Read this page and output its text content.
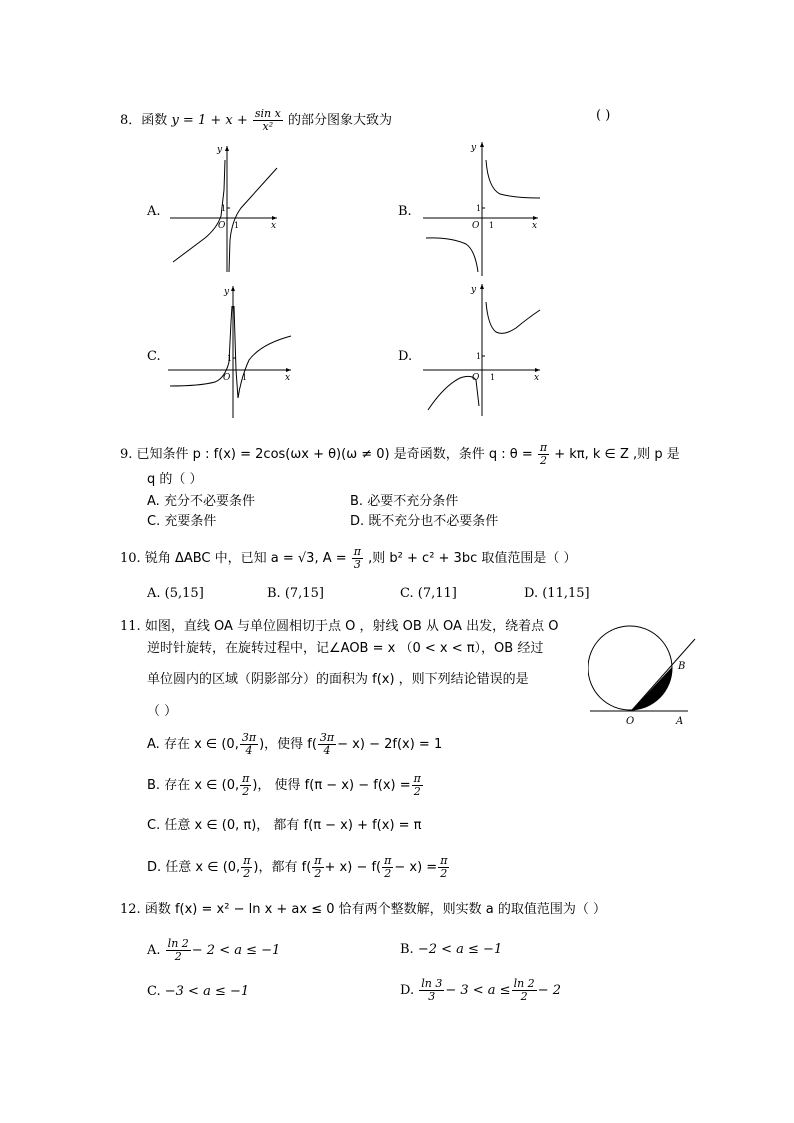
8．函数 $y = 1 + x + \frac{\text{sin x}}{\text{x²}}$ 的部分图象大致为	( )
A.
y
x
O 1
1	B.
y
x
O 1
1
C.
y
x
O 1
1	D.
y
x
O 1
1
9. 已知条件 p : f(x) = 2cos(ωx + θ)(ω ≠ 0) 是奇函数，条件 q : $\theta = \frac{\pi}{2} + k\pi$, k ∈ Z ,则 p 是
q 的（ ）
A. 充分不必要条件	B. 必要不充分条件
C. 充要条件	D. 既不充分也不必要条件
10. 锐角 ΔABC 中，已知 a = √3, $A = \frac{\pi}{3}$ ,则 b² + c² + 3bc 取值范围是（ ）
A. (5,15]	B. (7,15]	C. (7,11]	D. (11,15]
11. 如图，直线 OA 与单位圆相切于点 O ，射线 OB 从 OA 出发，绕着点 O
逆时针旋转，在旋转过程中，记∠AOB = x （0 < x < π），OB 经过
单位圆内的区域（阴影部分）的面积为 f(x) ，则下列结论错误的是
（ ）
O	A
B
A. 存在 x ∈ (0, $\frac{3\pi}{4}$ )，使得 $f( \frac{3\pi}{4} - x) - 2f(x) = 1$
B. 存在 x ∈ (0, $\frac{\pi}{2}$ )， 使得 $f(\pi - x) - f(x) = \frac{\pi}{2}$
C. 任意 x ∈ (0, π)， 都有 f(π − x) + f(x) = π
D. 任意 x ∈ (0, $\frac{\pi}{2}$ )，都有 $f( \frac{\pi}{2} + x) - f( \frac{\pi}{2} - x) = \frac{\pi}{2}$
12. 函数 f(x) = x² − ln x + ax ≤ 0 恰有两个整数解，则实数 a 的取值范围为（ ）
A. $\frac{\ln 2}{2} - 2 < a \le -1$	B. −2 < a ≤ −1
C. −3 < a ≤ −1	D. $\frac{\ln 3}{3} - 3 < a \le \frac{\ln 2}{2} - 2$
